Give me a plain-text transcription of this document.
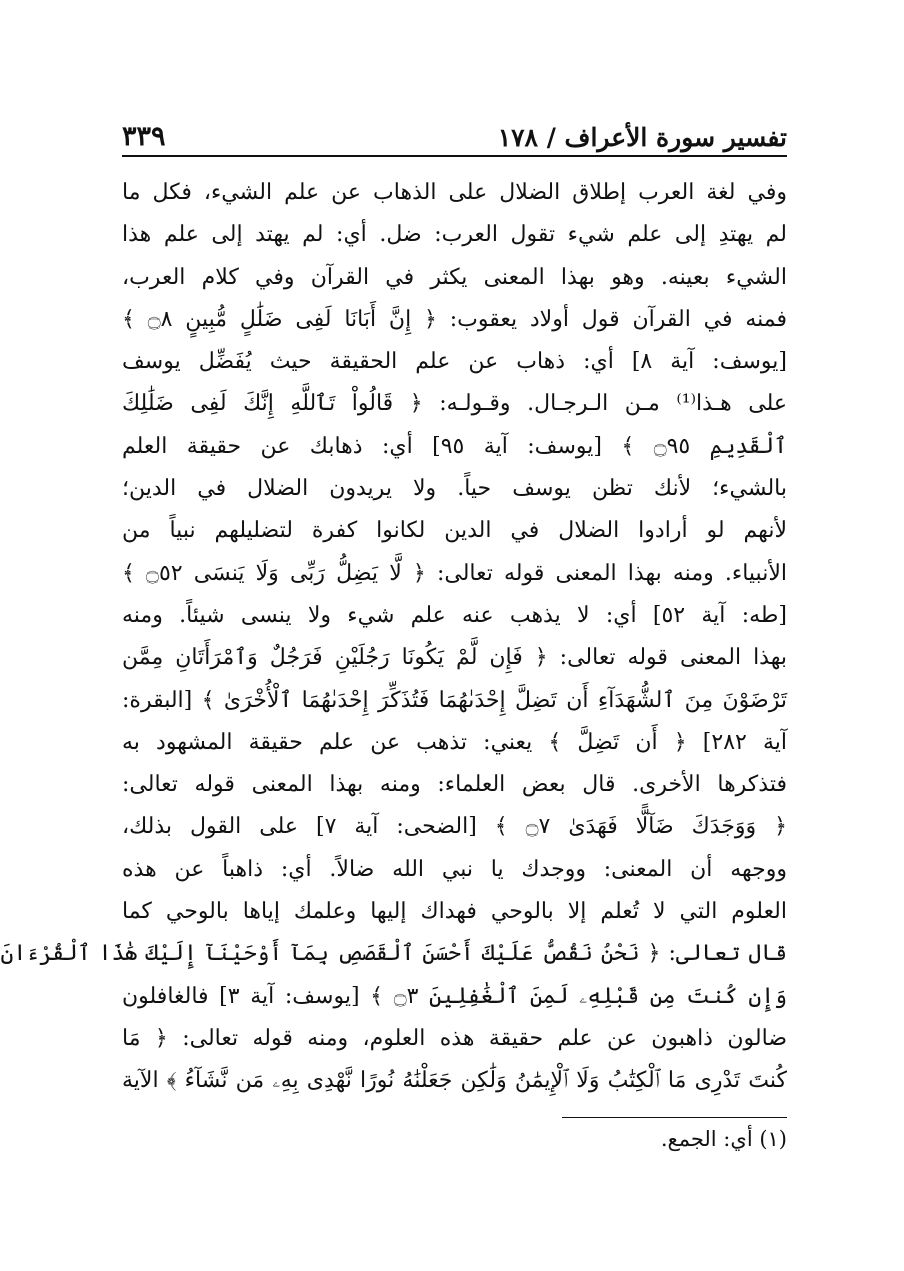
تفسير سورة الأعراف / ١٧٨
٣٣٩
وفي لغة العرب إطلاق الضلال على الذهاب عن علم الشيء، فكل ما
لم يهتدِ إلى علم شيء تقول العرب: ضل. أي: لم يهتد إلى علم هذا
الشيء بعينه. وهو بهذا المعنى يكثر في القرآن وفي كلام العرب،
فمنه في القرآن قول أولاد يعقوب: ﴿ إِنَّ أَبَانَا لَفِى ضَلَٰلٍ مُّبِينٍ ۝٨ ﴾
[يوسف: آية ٨] أي: ذهاب عن علم الحقيقة حيث يُفَضِّل يوسف
على هـذا⁽¹⁾ مـن الـرجـال. وقـولـه: ﴿ قَالُواْ تَٱللَّهِ إِنَّكَ لَفِى ضَلَٰلِكَ
ٱلْقَدِيمِ ۝٩٥ ﴾ [يوسف: آية ٩٥] أي: ذهابك عن حقيقة العلم
بالشيء؛ لأنك تظن يوسف حياً. ولا يريدون الضلال في الدين؛
لأنهم لو أرادوا الضلال في الدين لكانوا كفرة لتضليلهم نبياً من
الأنبياء. ومنه بهذا المعنى قوله تعالى: ﴿ لَّا يَضِلُّ رَبِّى وَلَا يَنسَى ۝٥٢ ﴾
[طه: آية ٥٢] أي: لا يذهب عنه علم شيء ولا ينسى شيئاً. ومنه
بهذا المعنى قوله تعالى: ﴿ فَإِن لَّمْ يَكُونَا رَجُلَيْنِ فَرَجُلٌ وَٱمْرَأَتَانِ مِمَّن
تَرْضَوْنَ مِنَ ٱلشُّهَدَآءِ أَن تَضِلَّ إِحْدَىٰهُمَا فَتُذَكِّرَ إِحْدَىٰهُمَا ٱلْأُخْرَىٰ ﴾ [البقرة:
آية ٢٨٢] ﴿ أَن تَضِلَّ ﴾ يعني: تذهب عن علم حقيقة المشهود به
فتذكرها الأخرى. قال بعض العلماء: ومنه بهذا المعنى قوله تعالى:
﴿ وَوَجَدَكَ ضَآلًّا فَهَدَىٰ ۝٧ ﴾ [الضحى: آية ٧] على القول بذلك،
ووجهه أن المعنى: ووجدك يا نبي الله ضالاً. أي: ذاهباً عن هذه
العلوم التي لا تُعلم إلا بالوحي فهداك إليها وعلمك إياها بالوحي كما
قال تعالى: ﴿ نَحْنُ نَقُصُّ عَلَيْكَ أَحْسَنَ ٱلْقَصَصِ بِمَآ أَوْحَيْنَآ إِلَيْكَ هَٰذَا ٱلْقُرْءَانَ
وَإِن كُنتَ مِن قَبْلِهِۦ لَمِنَ ٱلْغَٰفِلِينَ ۝٣ ﴾ [يوسف: آية ٣] فالغافلون
ضالون ذاهبون عن علم حقيقة هذه العلوم، ومنه قوله تعالى: ﴿ مَا
كُنتَ تَدْرِى مَا ٱلْكِتَٰبُ وَلَا ٱلْإِيمَٰنُ وَلَٰكِن جَعَلْنَٰهُ نُورًا نَّهْدِى بِهِۦ مَن نَّشَآءُ ﴾ الآية
(١) أي: الجمع.
